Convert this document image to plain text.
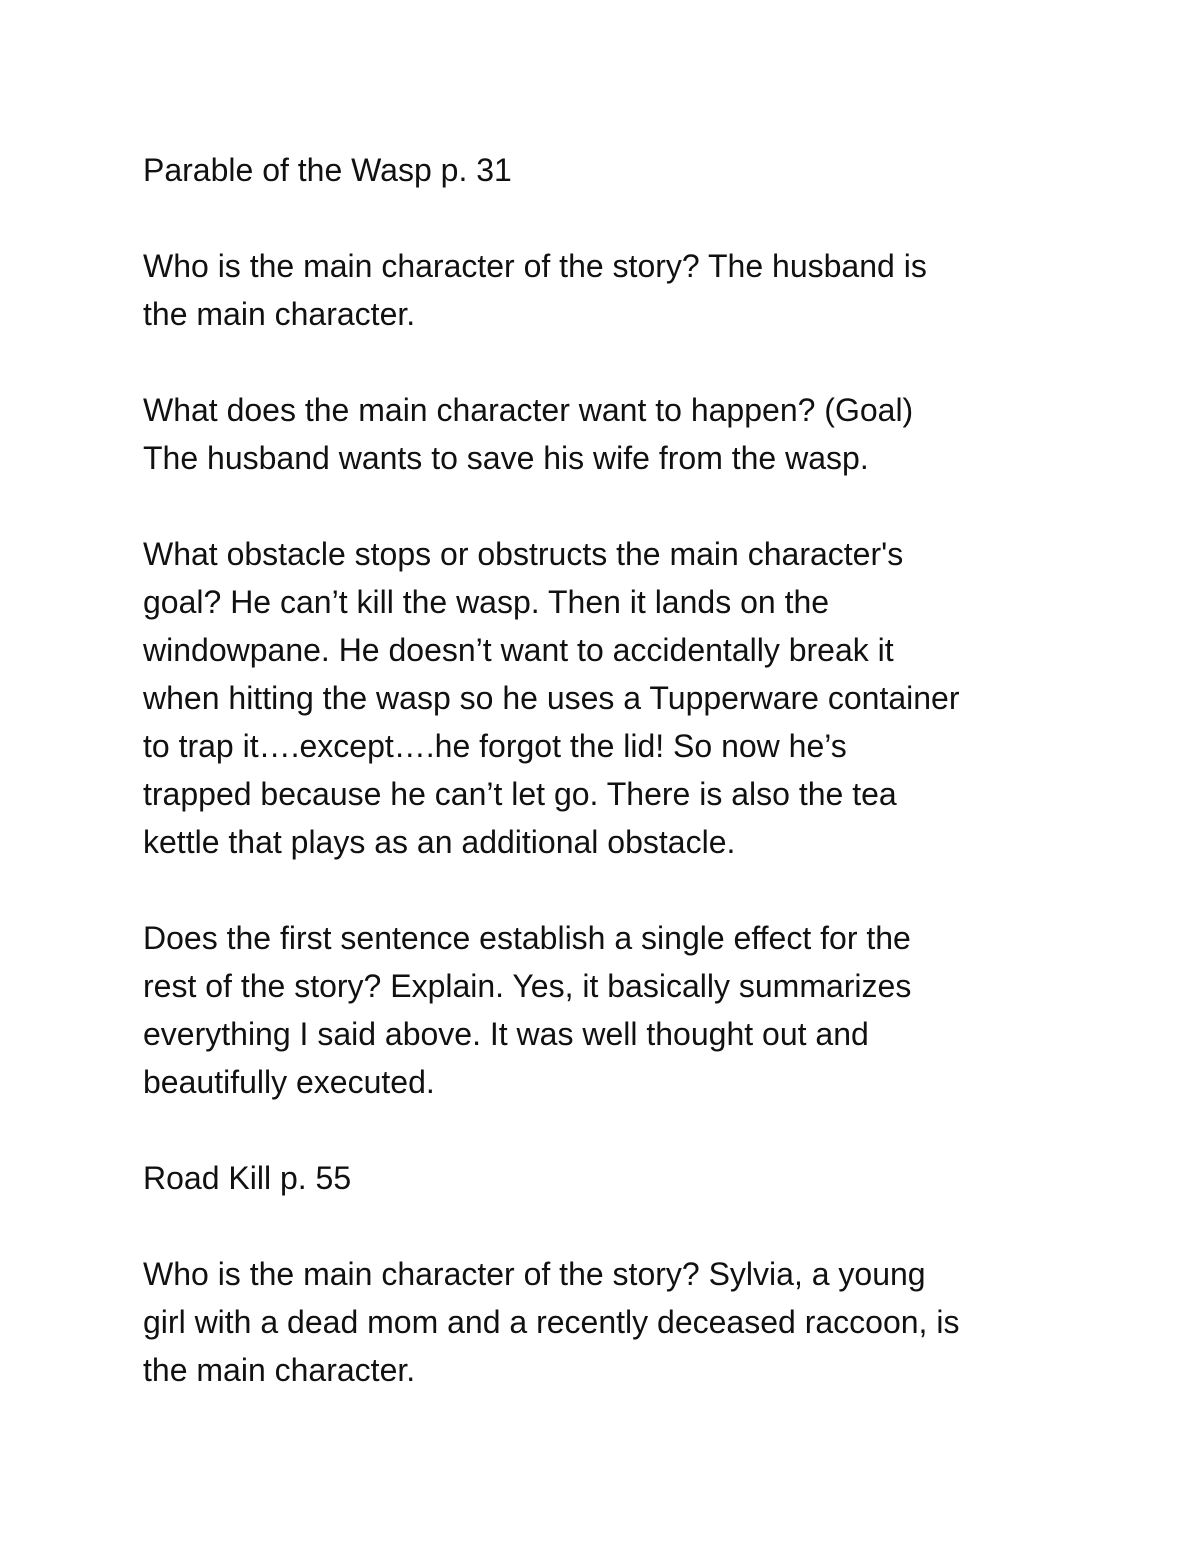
Parable of the Wasp p. 31

Who is the main character of the story? The husband is
the main character.

What does the main character want to happen? (Goal)
The husband wants to save his wife from the wasp.

What obstacle stops or obstructs the main character's
goal? He can’t kill the wasp. Then it lands on the
windowpane. He doesn’t want to accidentally break it
when hitting the wasp so he uses a Tupperware container
to trap it….except….he forgot the lid! So now he’s
trapped because he can’t let go. There is also the tea
kettle that plays as an additional obstacle.

Does the first sentence establish a single effect for the
rest of the story? Explain. Yes, it basically summarizes
everything I said above. It was well thought out and
beautifully executed.

Road Kill p. 55

Who is the main character of the story? Sylvia, a young
girl with a dead mom and a recently deceased raccoon, is
the main character.
